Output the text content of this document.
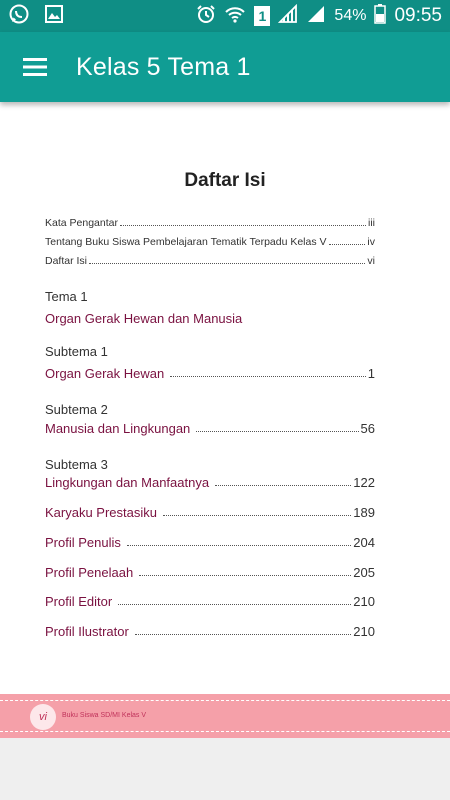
1	54% 09:55
Kelas 5 Tema 1
Daftar Isi
Kata Pengantar	iii
Tentang Buku Siswa Pembelajaran Tematik Terpadu Kelas V	iv
Daftar Isi	vi
Tema 1
Organ Gerak Hewan dan Manusia
Subtema 1
Organ Gerak Hewan	1
Subtema 2
Manusia dan Lingkungan	56
Subtema 3
Lingkungan dan Manfaatnya	122
Karyaku Prestasiku	189
Profil Penulis	204
Profil Penelaah	205
Profil Editor	210
Profil Ilustrator	210
vi	Buku Siswa SD/MI Kelas V
